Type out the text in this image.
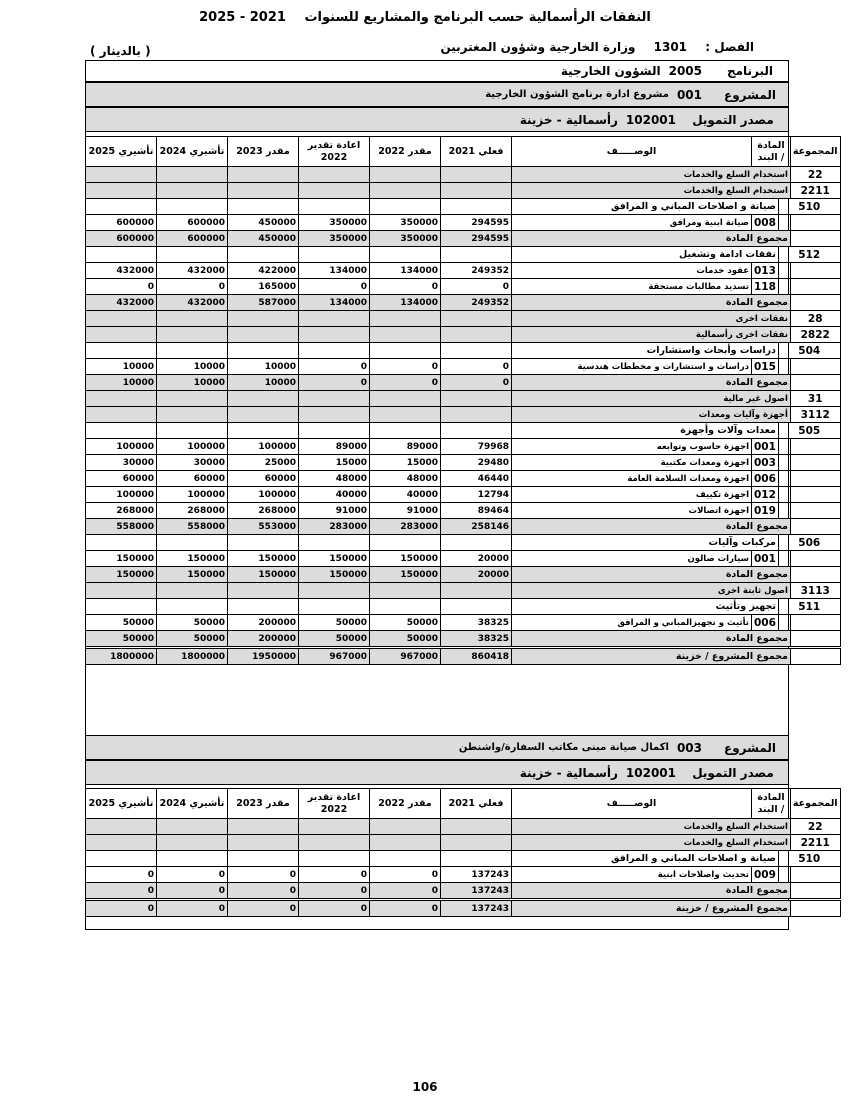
النفقات الرأسمالية حسب البرنامج والمشاريع للسنوات 2021 - 2025
( بالدينار )	الفصل : 1301 وزارة الخارجية وشؤون المغتربين
البرنامج
2005
الشؤون الخارجية
المشروع
001
مشروع ادارة برنامج الشؤون الخارجية
مصدر التمويل
102001
رأسمالية - خزينة
تأشيري 2025	تأشيري 2024	مقدر 2023	اعادة تقدير 2022	مقدر 2022	فعلي 2021	الوصـــــف	المادة / البند		المجموعة
						استخدام السلع والخدمات			22
						استخدام السلع والخدمات			2211
						صيانة و اصلاحات المباني و المرافق		510	
600000	600000	450000	350000	350000	294595	صيانة ابنية ومرافق	008		
600000	600000	450000	350000	350000	294595	مجموع المادة			
						نفقات ادامة وتشغيل		512	
432000	432000	422000	134000	134000	249352	عقود خدمات	013		
0	0	165000	0	0	0	تسديد مطالبات مستحقة	118		
432000	432000	587000	134000	134000	249352	مجموع المادة			
						نفقات اخرى			28
						نفقات اخرى رأسمالية			2822
						دراسات وأبحاث واستشارات		504	
10000	10000	10000	0	0	0	دراسات و استشارات و مخططات هندسية	015		
10000	10000	10000	0	0	0	مجموع المادة			
						اصول غير مالية			31
						أجهزة وآليات ومعدات			3112
						معدات وآلات وأجهزة		505	
100000	100000	100000	89000	89000	79968	اجهزة حاسوب وتوابعه	001		
30000	30000	25000	15000	15000	29480	اجهزة ومعدات مكتبية	003		
60000	60000	60000	48000	48000	46440	اجهزة ومعدات السلامة العامة	006		
100000	100000	100000	40000	40000	12794	اجهزة تكييف	012		
268000	268000	268000	91000	91000	89464	اجهزة اتصالات	019		
558000	558000	553000	283000	283000	258146	مجموع المادة			
						مركبات وآليات		506	
150000	150000	150000	150000	150000	20000	سيارات صالون	001		
150000	150000	150000	150000	150000	20000	مجموع المادة			
						اصول ثابتة اخرى			3113
						تجهيز وتأثيث		511	
50000	50000	200000	50000	50000	38325	تأثيث و تجهيزالمباني و المرافق	006		
50000	50000	200000	50000	50000	38325	مجموع المادة			

1800000	1800000	1950000	967000	967000	860418	مجموع المشروع / خزينة			
المشروع
003
اكمال صيانة مبنى مكاتب السفارة/واشنطن
مصدر التمويل
102001
رأسمالية - خزينة
تأشيري 2025	تأشيري 2024	مقدر 2023	اعادة تقدير 2022	مقدر 2022	فعلي 2021	الوصـــــف	المادة / البند		المجموعة
						استخدام السلع والخدمات			22
						استخدام السلع والخدمات			2211
						صيانة و اصلاحات المباني و المرافق		510	
0	0	0	0	0	137243	تحديث واصلاحات ابنية	009		
0	0	0	0	0	137243	مجموع المادة			

0	0	0	0	0	137243	مجموع المشروع / خزينة			
106
